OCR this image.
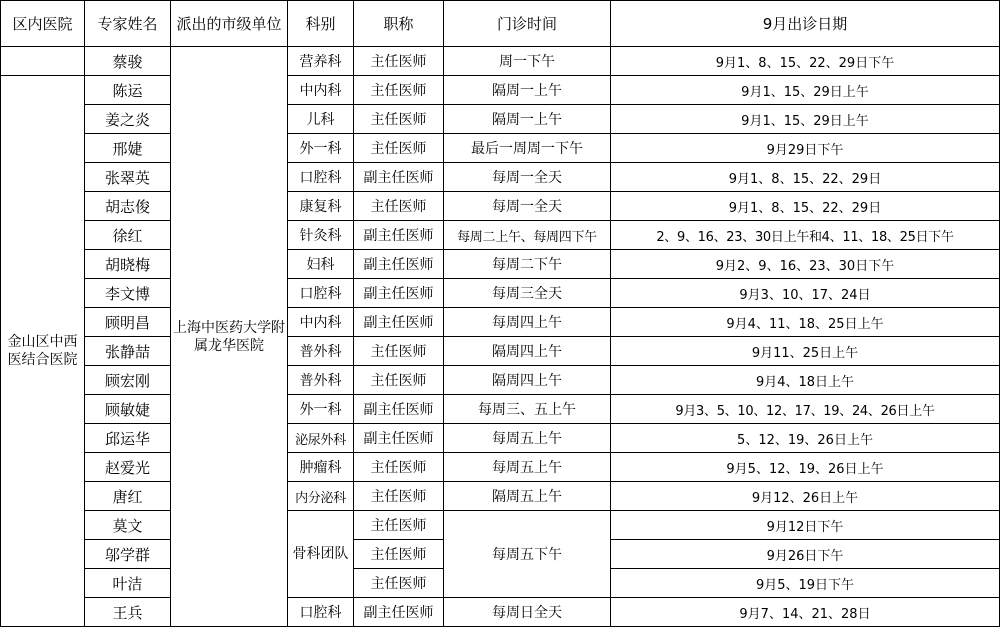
区内医院	专家姓名	派出的市级单位	科别	职称	门诊时间	9月出诊日期
	蔡骏	上海中医药大学附属龙华医院	营养科	主任医师	周一下午	9月1、8、15、22、29日下午
金山区中西医结合医院	陈运		中内科	主任医师	隔周一上午	9月1、15、29日上午
	姜之炎		儿科	主任医师	隔周一上午	9月1、15、29日上午
	邢婕		外一科	主任医师	最后一周周一下午	9月29日下午
	张翠英		口腔科	副主任医师	每周一全天	9月1、8、15、22、29日
	胡志俊		康复科	主任医师	每周一全天	9月1、8、15、22、29日
	徐红		针灸科	副主任医师	每周二上午、每周四下午	2、9、16、23、30日上午和4、11、18、25日下午
	胡晓梅		妇科	副主任医师	每周二下午	9月2、9、16、23、30日下午
	李文博		口腔科	副主任医师	每周三全天	9月3、10、17、24日
	顾明昌		中内科	副主任医师	每周四上午	9月4、11、18、25日上午
	张静喆		普外科	主任医师	隔周四上午	9月11、25日上午
	顾宏刚		普外科	主任医师	隔周四上午	9月4、18日上午
	顾敏婕		外一科	副主任医师	每周三、五上午	9月3、5、10、12、17、19、24、26日上午
	邱运华		泌尿外科	副主任医师	每周五上午	5、12、19、26日上午
	赵爱光		肿瘤科	主任医师	每周五上午	9月5、12、19、26日上午
	唐红		内分泌科	主任医师	隔周五上午	9月12、26日上午
	莫文		骨科团队	主任医师	每周五下午	9月12日下午
	邬学群			主任医师		9月26日下午
	叶洁			主任医师		9月5、19日下午
	王兵		口腔科	副主任医师	每周日全天	9月7、14、21、28日
